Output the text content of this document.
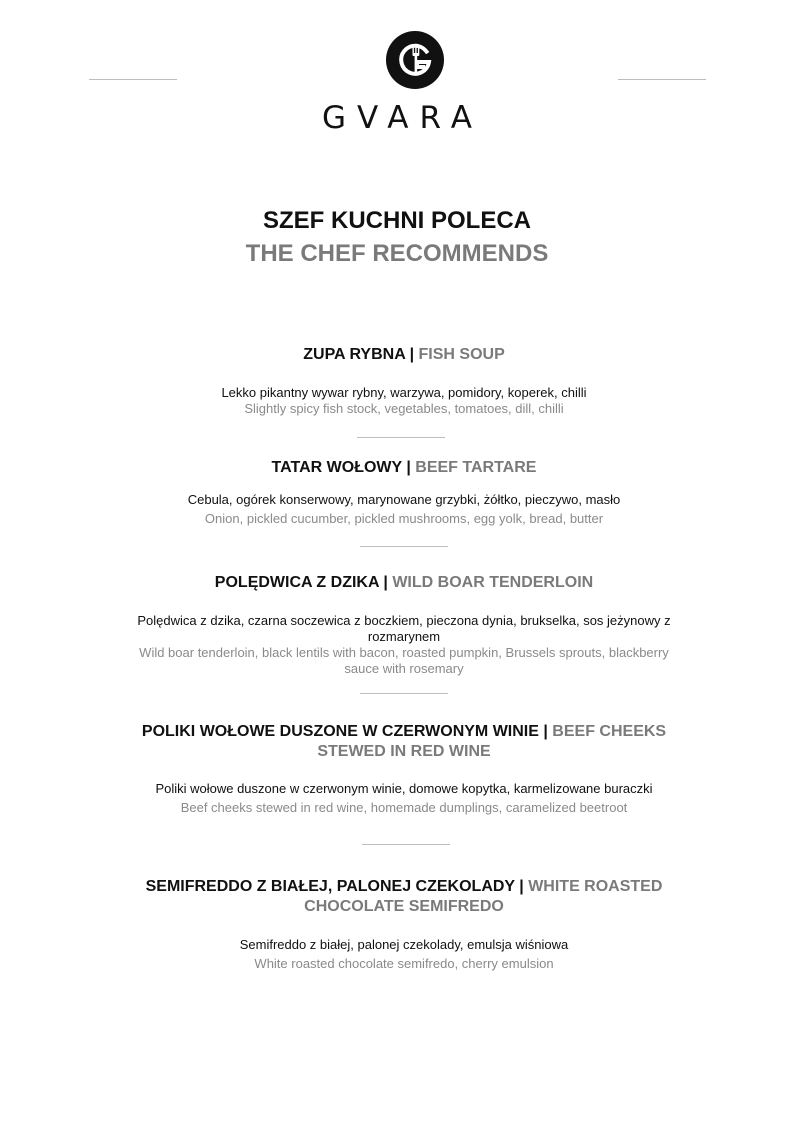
GVARA
SZEF KUCHNI POLECA
THE CHEF RECOMMENDS
ZUPA RYBNA | FISH SOUP
Lekko pikantny wywar rybny, warzywa, pomidory, koperek, chilli
Slightly spicy fish stock, vegetables, tomatoes, dill, chilli
TATAR WOŁOWY | BEEF TARTARE
Cebula, ogórek konserwowy, marynowane grzybki, żółtko, pieczywo, masło
Onion, pickled cucumber, pickled mushrooms, egg yolk, bread, butter
POLĘDWICA Z DZIKA | WILD BOAR TENDERLOIN
Polędwica z dzika, czarna soczewica z boczkiem, pieczona dynia, brukselka, sos jeżynowy z rozmarynem
Wild boar tenderloin, black lentils with bacon, roasted pumpkin, Brussels sprouts, blackberry sauce with rosemary
POLIKI WOŁOWE DUSZONE W CZERWONYM WINIE | BEEF CHEEKS STEWED IN RED WINE
Poliki wołowe duszone w czerwonym winie, domowe kopytka, karmelizowane buraczki
Beef cheeks stewed in red wine, homemade dumplings, caramelized beetroot
SEMIFREDDO Z BIAŁEJ, PALONEJ CZEKOLADY | WHITE ROASTED CHOCOLATE SEMIFREDO
Semifreddo z białej, palonej czekolady, emulsja wiśniowa
White roasted chocolate semifredo, cherry emulsion
